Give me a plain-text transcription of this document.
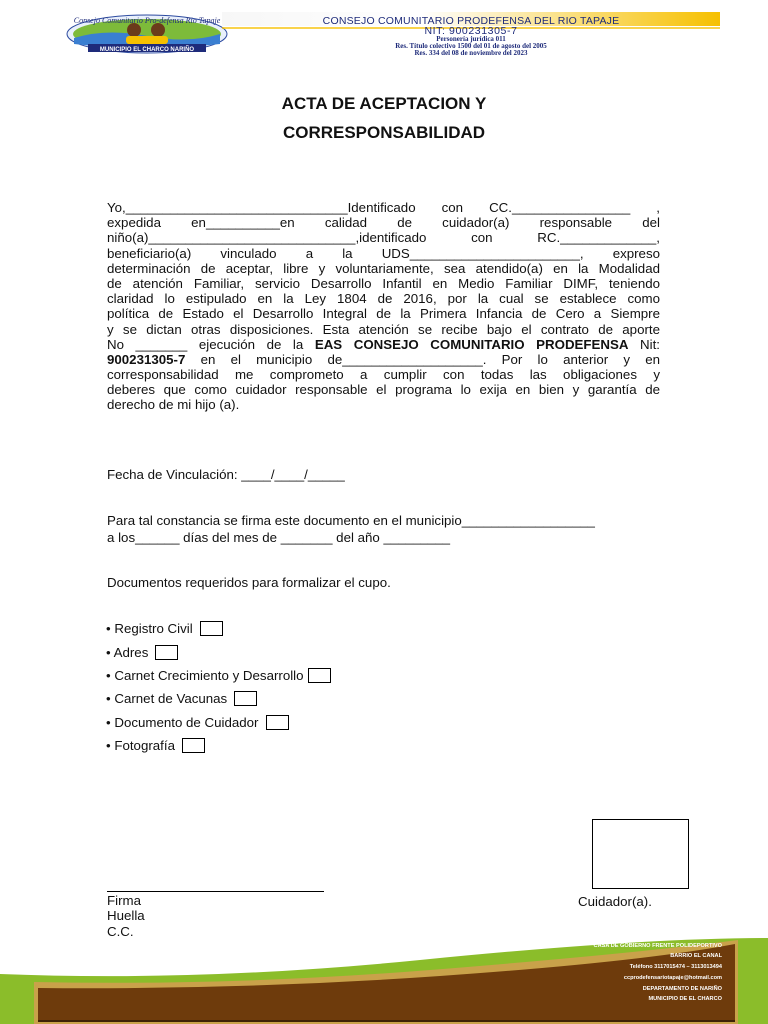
Consejo Comunitario Pro-defensa Rio Tapaje
MUNICIPIO EL CHARCO NARIÑO
CONSEJO COMUNITARIO PRODEFENSA DEL RIO TAPAJE
NIT: 900231305-7
Personería jurídica 011
Res. Título colectivo 1500 del 01 de agosto del 2005
Res. 334 del 08 de noviembre del 2023
ACTA DE ACEPTACION Y
CORRESPONSABILIDAD
Yo,______________________________Identificado con CC.________________ ,
expedida en__________en calidad de cuidador(a) responsable del
niño(a)____________________________,identificado con RC._____________,
beneficiario(a) vinculado a la UDS_______________________, expreso
determinación de aceptar, libre y voluntariamente, sea atendido(a) en la Modalidad
de atención Familiar, servicio Desarrollo Infantil en Medio Familiar DIMF, teniendo
claridad lo estipulado en la Ley 1804 de 2016, por la cual se establece como
política de Estado el Desarrollo Integral de la Primera Infancia de Cero a Siempre
y se dictan otras disposiciones. Esta atención se recibe bajo el contrato de aporte
No _______ ejecución de la EAS CONSEJO COMUNITARIO PRODEFENSA Nit:
900231305-7 en el municipio de___________________. Por lo anterior y en
corresponsabilidad me comprometo a cumplir con todas las obligaciones y
deberes que como cuidador responsable el programa lo exija en bien y garantía de
derecho de mi hijo (a).
Fecha de Vinculación: ____/____/_____
Para tal constancia se firma este documento en el municipio__________________
a los______ días del mes de _______ del año _________
Documentos requeridos para formalizar el cupo.
• Registro Civil
• Adres
• Carnet Crecimiento y Desarrollo
• Carnet de Vacunas
• Documento de Cuidador
• Fotografía
Firma
Huella
C.C.
Cuidador(a).
CASA DE GOBIERNO FRENTE POLIDEPORTIVO
BARRIO EL CANAL
Teléfono 3117015474 – 3113013494
ccprodefensariotapaje@hotmail.com
DEPARTAMENTO DE NARIÑO
MUNICIPIO DE EL CHARCO
